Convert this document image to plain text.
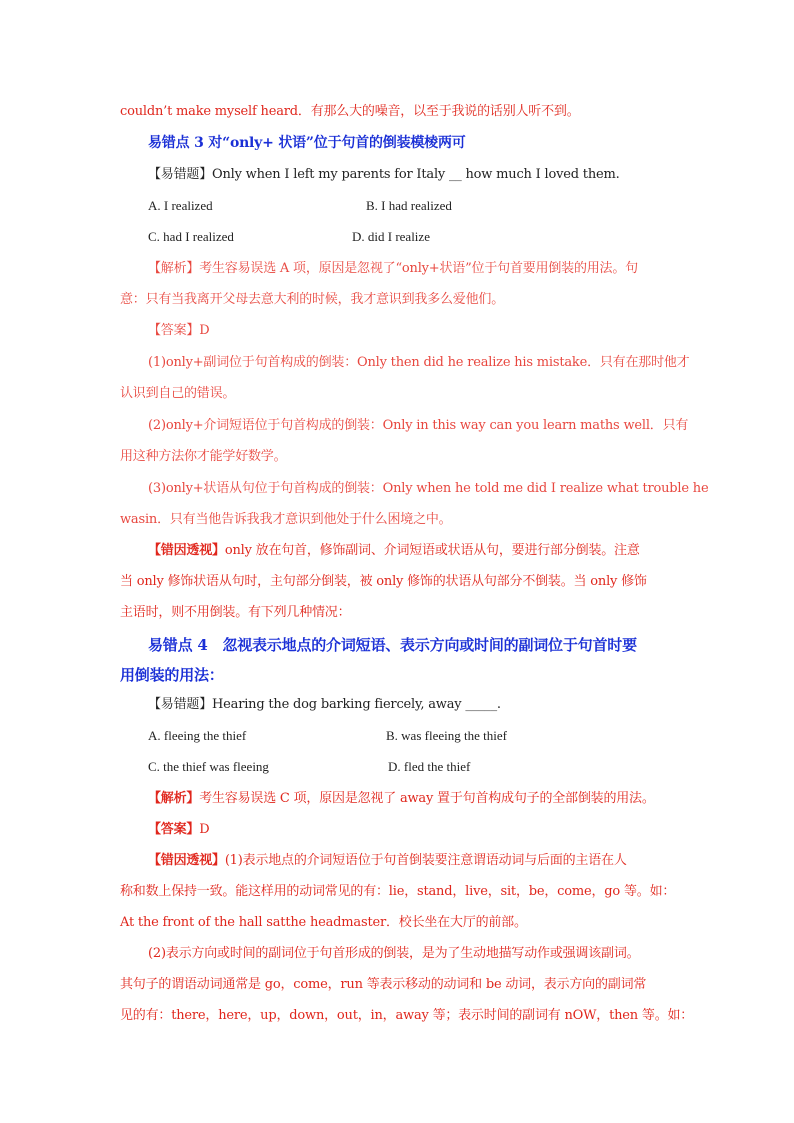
couldn’t make myself heard．有那么大的噪音，以至于我说的话别人听不到。
易错点 3 对“only+ 状语”位于句首的倒装模棱两可
【易错题】Only when I left my parents for Italy __ how much I loved them.
A. I realized	B. I had realized
C. had I realized	D. did I realize
【解析】考生容易误选 A 项，原因是忽视了“only+状语”位于句首要用倒装的用法。句
意：只有当我离开父母去意大利的时候，我才意识到我多么爱他们。
【答案】D
(1)only+副词位于句首构成的倒装：Only then did he realize his mistake．只有在那时他才
认识到自己的错误。
(2)only+介词短语位于句首构成的倒装：Only in this way can you learn maths well．只有
用这种方法你才能学好数学。
(3)only+状语从句位于句首构成的倒装：Only when he told me did I realize what trouble he
wasin．只有当他告诉我我才意识到他处于什么困境之中。
【错因透视】only 放在句首，修饰副词、介词短语或状语从句，要进行部分倒装。注意
当 only 修饰状语从句时，主句部分倒装，被 only 修饰的状语从句部分不倒装。当 only 修饰
主语时，则不用倒装。有下列几种情况：
易错点 4　忽视表示地点的介词短语、表示方向或时间的副词位于句首时要
用倒装的用法：
【易错题】Hearing the dog barking fiercely, away _____.
A. fleeing the thief	B. was fleeing the thief
C. the thief was fleeing	D. fled the thief
【解析】考生容易误选 C 项，原因是忽视了 away 置于句首构成句子的全部倒装的用法。
【答案】D
【错因透视】(1)表示地点的介词短语位于句首倒装要注意谓语动词与后面的主语在人
称和数上保持一致。能这样用的动词常见的有：lie，stand，live，sit，be，come，go 等。如：
At the front of the hall satthe headmaster．校长坐在大厅的前部。
(2)表示方向或时间的副词位于句首形成的倒装，是为了生动地描写动作或强调该副词。
其句子的谓语动词通常是 go，come，run 等表示移动的动词和 be 动词，表示方向的副词常
见的有：there，here，up，down，out，in，away 等；表示时间的副词有 nOW，then 等。如：
